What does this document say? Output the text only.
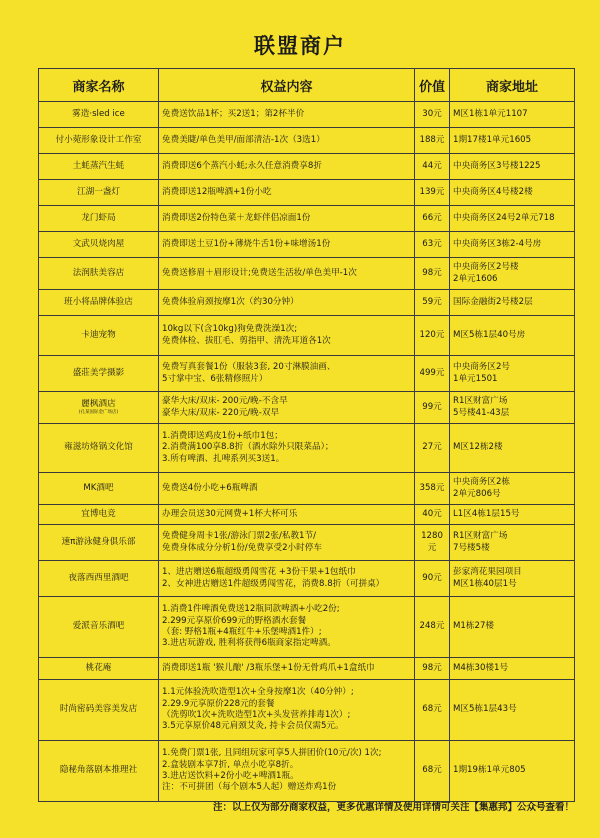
联盟商户
商家名称	权益内容	价值	商家地址

雾造·sled ice	免费送饮品1杯；买2送1；第2杯半价	30元	M区1栋1单元1107

付小菀形象设计工作室	免费美睫/单色美甲/面部清洁-1次（3选1）	188元	1期17楼1单元1605

土蚝蒸汽生蚝	消费即送6个蒸汽小蚝;永久任意消费享8折	44元	中央商务区3号楼1225

江湖一盏灯	消费即送12瓶啤酒+1份小吃	139元	中央商务区4号楼2楼

龙门虾局	消费即送2份特色菜＋龙虾伴侣凉面1份	66元	中央商务区24号2单元718

文武贝烧肉屋	消费即送土豆1份+薄烧牛舌1份+味增汤1份	63元	中央商务区3栋2-4号房

法润肤美容店	免费送修眉＋眉形设计;免费送生活妆/单色美甲-1次	98元	中央商务区2号楼
2单元1606

班小将品牌体验店	免费体验肩颈按摩1次（约30分钟）	59元	国际金融街2号楼2层

卡迪宠物	10kg以下(含10kg)狗免费洗澡1次;
免费体检、拔肛毛、剪指甲、清洗耳道各1次	120元	M区5栋1层40号房

盛莊美学摄影	免费写真套餐1份（服装3套, 20寸淋膜油画、
5寸掌中宝、6张精修照片）	499元	中央商务区2号
1单元1501

麗枫酒店
(孔某国际金广场店)	豪华大床/双床- 200元/晚-不含早
豪华大床/双床- 220元/晚-双早	99元	R1区财富广场
5号楼41-43层

雍滋坊烙锅文化馆	1.消费即送鸡皮1份+纸巾1包；
2.消费满100享8.8折（酒水除外只限菜品）；
3.所有啤酒、扎啤系列买3送1。	27元	M区12栋2楼

MK酒吧	免费送4份小吃+6瓶啤酒	358元	中央商务区2栋
2单元806号

宜博电竞	办理会员送30元网费+1杯大杯可乐	40元	L1区4栋1层15号

速π游泳健身俱乐部	免费健身周卡1张/游泳门票2张/私教1节/
免费身体成分分析1份/免费享受2小时停车	1280元	R1区财富广场
7号楼5楼

夜落西西里酒吧	1、进店赠送6瓶超级勇闯雪花 +3份干果+1包纸巾
2、女神进店赠送1件超级勇闯雪花，消费8.8折（可拼桌）	90元	彭家湾花果园项目
M区1栋40层1号

爱派音乐酒吧	1.消费1件啤酒免费送12瓶同款啤酒+小吃2份;
2.299元享原价699元的野格酒水套餐
（套: 野格1瓶+4瓶红牛+乐堡啤酒1件）;
3.进店玩游戏, 胜利将获得6瓶商家指定啤酒。	248元	M1栋27楼

桃花庵	消费即送1瓶 '猴儿酿' /3瓶乐堡+1份无骨鸡爪+1盒纸巾	98元	M4栋30楼1号

时尚密码美容美发店	1.1元体验洗吹造型1次+全身按摩1次（40分钟）;
2.29.9元享原价228元的套餐
（洗剪吹1次+洗吹造型1次+头发营养排毒1次）;
3.5元享原价48元肩颈艾灸, 持卡会员仅需5元。	68元	M区5栋1层43号

隐秘角落剧本推理社	1.免费门票1张, 且同组玩家可享5人拼团价(10元/次) 1次;
2.盒装剧本享7折, 单点小吃享8折。
3.进店送饮料+2份小吃+啤酒1瓶。
注：不可拼团（每个剧本5人起）赠送炸鸡1份	68元	1期19栋1单元805
注：以上仅为部分商家权益，更多优惠详情及使用详情可关注【集惠邦】公众号查看！
